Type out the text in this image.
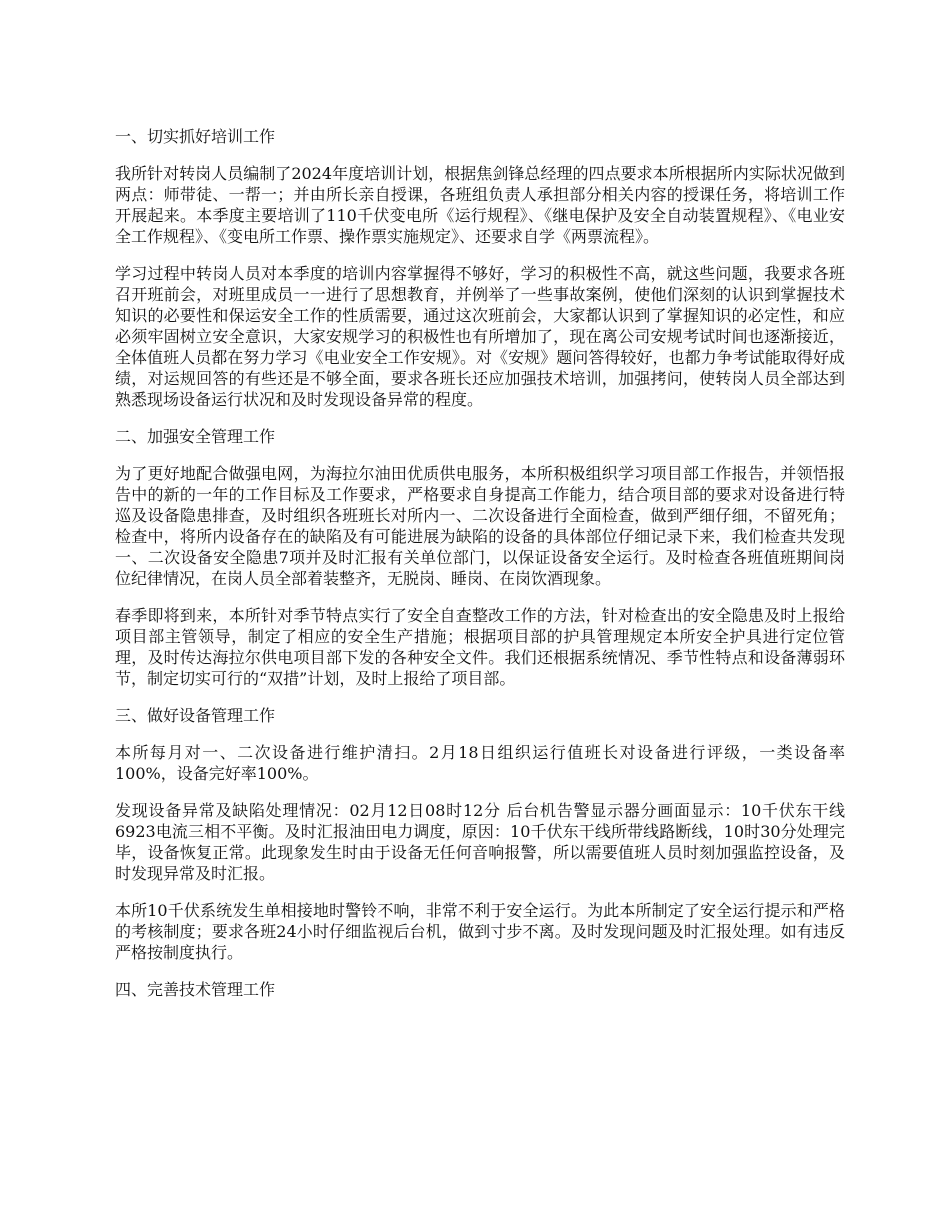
一、切实抓好培训工作
我所针对转岗人员编制了2024年度培训计划，根据焦剑锋总经理的四点要求本所根据所内实际状况做到两点：师带徒、一帮一；并由所长亲自授课，各班组负责人承担部分相关内容的授课任务，将培训工作开展起来。本季度主要培训了110千伏变电所《运行规程》、《继电保护及安全自动装置规程》、《电业安全工作规程》、《变电所工作票、操作票实施规定》、还要求自学《两票流程》。
学习过程中转岗人员对本季度的培训内容掌握得不够好，学习的积极性不高，就这些问题，我要求各班召开班前会，对班里成员一一进行了思想教育，并例举了一些事故案例，使他们深刻的认识到掌握技术知识的必要性和保运安全工作的性质需要，通过这次班前会，大家都认识到了掌握知识的必定性，和应必须牢固树立安全意识，大家安规学习的积极性也有所增加了，现在离公司安规考试时间也逐渐接近，全体值班人员都在努力学习《电业安全工作安规》。对《安规》题问答得较好，也都力争考试能取得好成绩，对运规回答的有些还是不够全面，要求各班长还应加强技术培训，加强拷问，使转岗人员全部达到熟悉现场设备运行状况和及时发现设备异常的程度。
二、加强安全管理工作
为了更好地配合做强电网，为海拉尔油田优质供电服务，本所积极组织学习项目部工作报告，并领悟报告中的新的一年的工作目标及工作要求，严格要求自身提高工作能力，结合项目部的要求对设备进行特巡及设备隐患排查，及时组织各班班长对所内一、二次设备进行全面检查，做到严细仔细，不留死角；检查中，将所内设备存在的缺陷及有可能进展为缺陷的设备的具体部位仔细记录下来，我们检查共发现一、二次设备安全隐患7项并及时汇报有关单位部门，以保证设备安全运行。及时检查各班值班期间岗位纪律情况，在岗人员全部着装整齐，无脱岗、睡岗、在岗饮酒现象。
春季即将到来，本所针对季节特点实行了安全自查整改工作的方法，针对检查出的安全隐患及时上报给项目部主管领导，制定了相应的安全生产措施；根据项目部的护具管理规定本所安全护具进行定位管理，及时传达海拉尔供电项目部下发的各种安全文件。我们还根据系统情况、季节性特点和设备薄弱环节，制定切实可行的“双措”计划，及时上报给了项目部。
三、做好设备管理工作
本所每月对一、二次设备进行维护清扫。2月18日组织运行值班长对设备进行评级，一类设备率100%，设备完好率100%。
发现设备异常及缺陷处理情况：02月12日08时12分 后台机告警显示器分画面显示：10千伏东干线6923电流三相不平衡。及时汇报油田电力调度，原因：10千伏东干线所带线路断线，10时30分处理完毕，设备恢复正常。此现象发生时由于设备无任何音响报警，所以需要值班人员时刻加强监控设备，及时发现异常及时汇报。
本所10千伏系统发生单相接地时警铃不响，非常不利于安全运行。为此本所制定了安全运行提示和严格的考核制度；要求各班24小时仔细监视后台机，做到寸步不离。及时发现问题及时汇报处理。如有违反严格按制度执行。
四、完善技术管理工作
